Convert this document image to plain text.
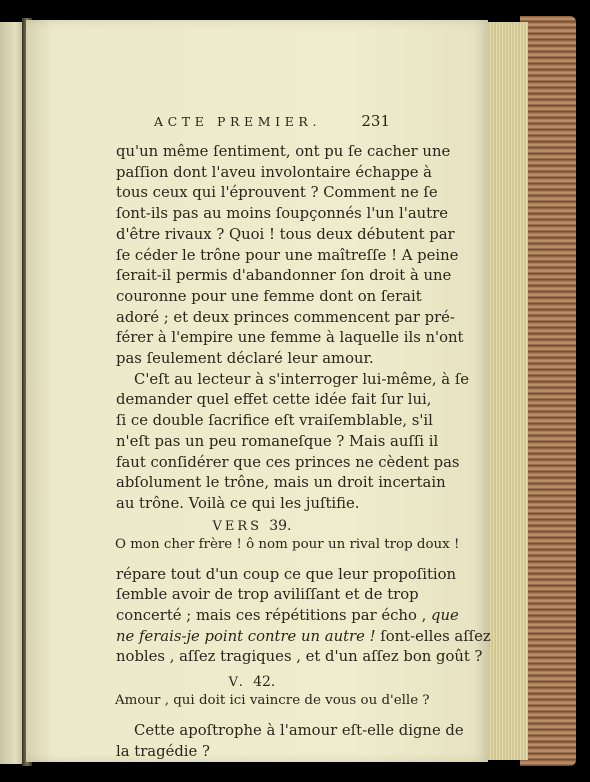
ACTE PREMIER.	231

qu'un même ſentiment, ont pu ſe cacher une
paſſion dont l'aveu involontaire échappe à
tous ceux qui l'éprouvent ? Comment ne ſe
ſont-ils pas au moins ſoupçonnés l'un l'autre
d'être rivaux ? Quoi ! tous deux débutent par
ſe céder le trône pour une maîtreſſe ! A peine
ſerait-il permis d'abandonner ſon droit à une
couronne pour une femme dont on ſerait
adoré ; et deux princes commencent par pré-
férer à l'empire une femme à laquelle ils n'ont
pas ſeulement déclaré leur amour.

C'eſt au lecteur à s'interroger lui-même, à ſe
demander quel effet cette idée fait ſur lui,
ſi ce double ſacrifice eſt vraiſemblable, s'il
n'eſt pas un peu romaneſque ? Mais auſſi il
faut conſidérer que ces princes ne cèdent pas
abſolument le trône, mais un droit incertain
au trône. Voilà ce qui les juſtifie.

VERS 39.
O mon cher frère ! ô nom pour un rival trop doux !

répare tout d'un coup ce que leur propoſition
ſemble avoir de trop aviliſſant et de trop
concerté ; mais ces répétitions par écho , que
ne ferais-je point contre un autre ! ſont-elles aſſez
nobles , aſſez tragiques , et d'un aſſez bon goût ?

V. 42.
Amour , qui doit ici vaincre de vous ou d'elle ?

Cette apoſtrophe à l'amour eſt-elle digne de
la tragédie ?
